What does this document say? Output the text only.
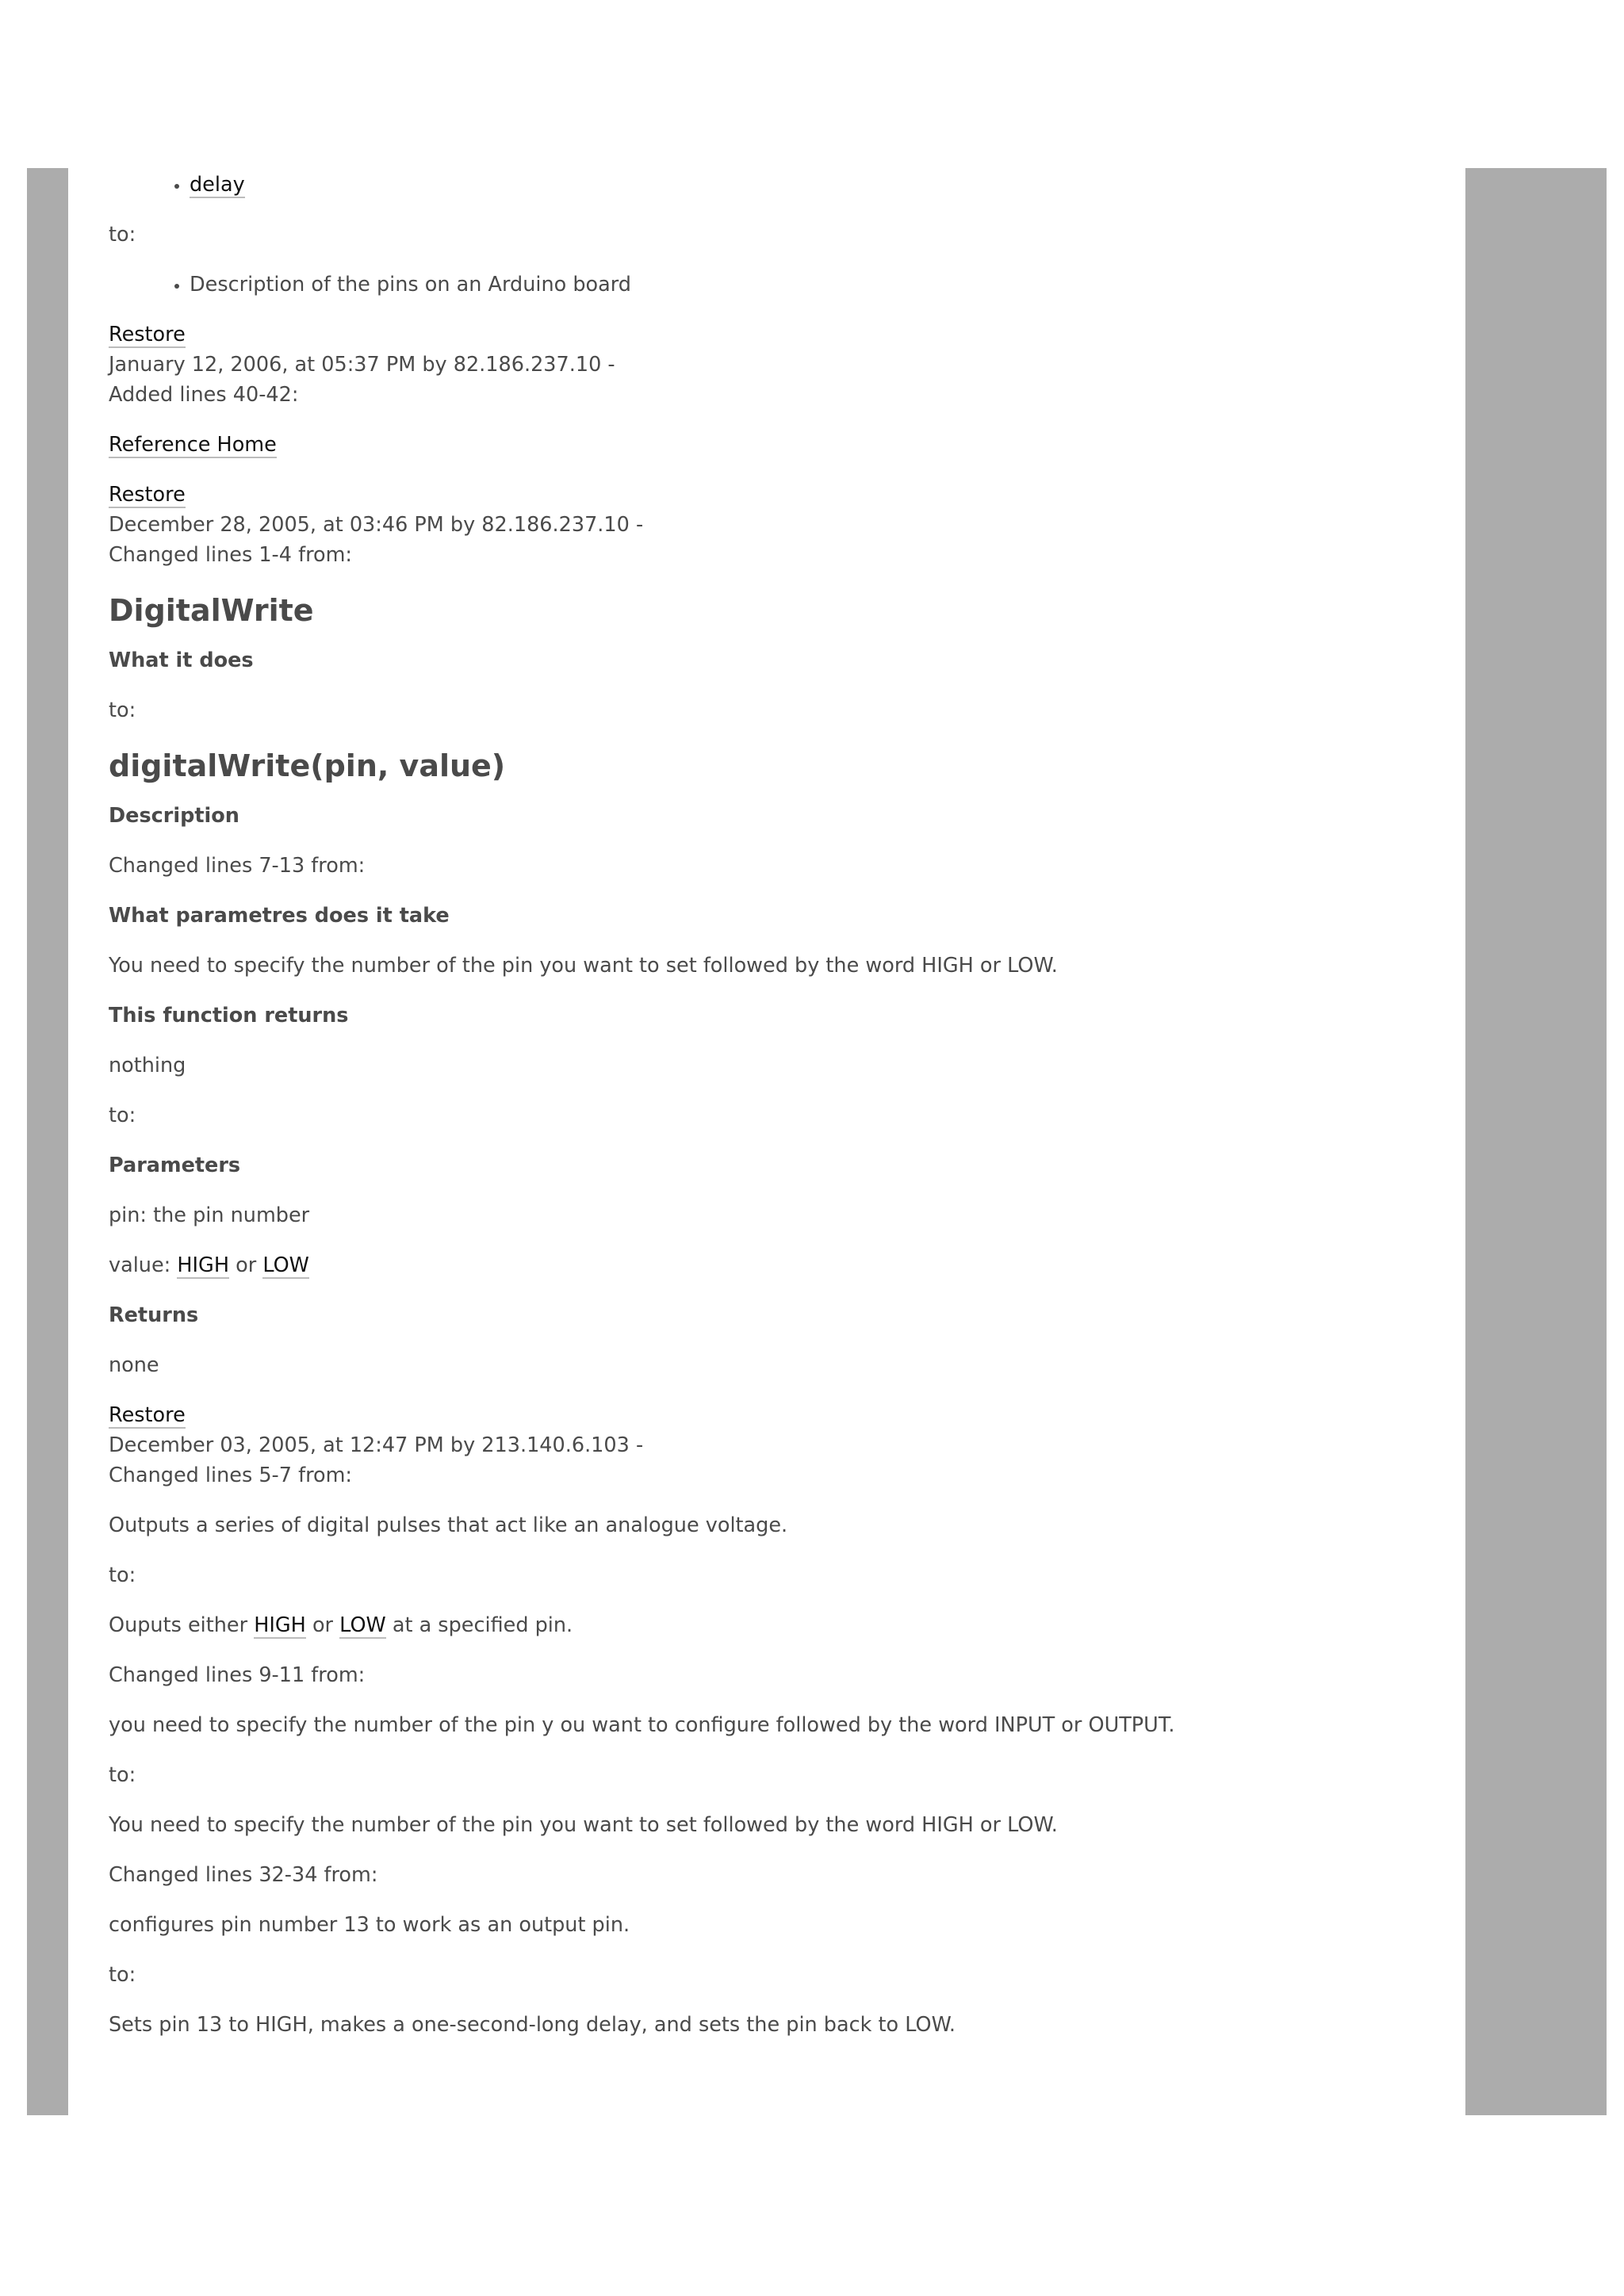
• delay

to:

• Description of the pins on an Arduino board

Restore

January 12, 2006, at 05:37 PM by 82.186.237.10 -

Added lines 40-42:

Reference Home

Restore

December 28, 2005, at 03:46 PM by 82.186.237.10 -

Changed lines 1-4 from:

DigitalWrite
What it does

to:

digitalWrite(pin, value)
Description

Changed lines 7-13 from:

What parametres does it take

You need to specify the number of the pin you want to set followed by the word HIGH or LOW.

This function returns

nothing

to:

Parameters

pin: the pin number

value: HIGH or LOW

Returns

none

Restore

December 03, 2005, at 12:47 PM by 213.140.6.103 -

Changed lines 5-7 from:

Outputs a series of digital pulses that act like an analogue voltage.

to:

Ouputs either HIGH or LOW at a specified pin.

Changed lines 9-11 from:

you need to specify the number of the pin y ou want to configure followed by the word INPUT or OUTPUT.

to:

You need to specify the number of the pin you want to set followed by the word HIGH or LOW.

Changed lines 32-34 from:

configures pin number 13 to work as an output pin.

to:

Sets pin 13 to HIGH, makes a one-second-long delay, and sets the pin back to LOW.
